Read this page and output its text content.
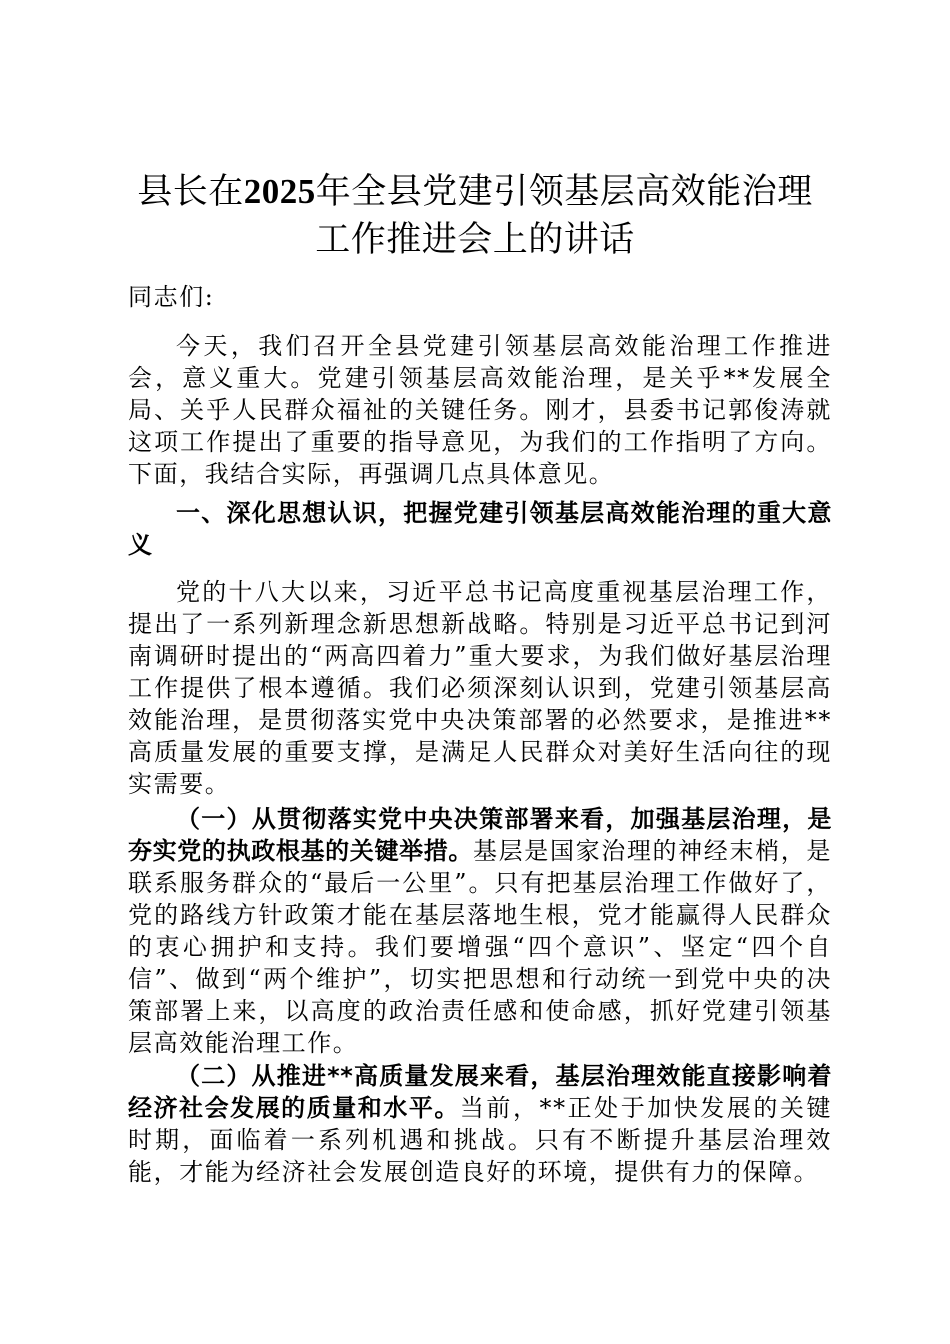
县长在2025年全县党建引领基层高效能治理
工作推进会上的讲话
同志们:
今天，我们召开全县党建引领基层高效能治理工作推进会，意义重大。党建引领基层高效能治理，是关乎**发展全局、关乎人民群众福祉的关键任务。刚才，县委书记郭俊涛就这项工作提出了重要的指导意见，为我们的工作指明了方向。下面，我结合实际，再强调几点具体意见。
一、深化思想认识，把握党建引领基层高效能治理的重大意义
党的十八大以来，习近平总书记高度重视基层治理工作，提出了一系列新理念新思想新战略。特别是习近平总书记到河南调研时提出的“两高四着力”重大要求，为我们做好基层治理工作提供了根本遵循。我们必须深刻认识到，党建引领基层高效能治理，是贯彻落实党中央决策部署的必然要求，是推进**高质量发展的重要支撑，是满足人民群众对美好生活向往的现实需要。
（一）从贯彻落实党中央决策部署来看，加强基层治理，是夯实党的执政根基的关键举措。基层是国家治理的神经末梢，是联系服务群众的“最后一公里”。只有把基层治理工作做好了，党的路线方针政策才能在基层落地生根，党才能赢得人民群众的衷心拥护和支持。我们要增强“四个意识”、坚定“四个自信”、做到“两个维护”，切实把思想和行动统一到党中央的决策部署上来，以高度的政治责任感和使命感，抓好党建引领基层高效能治理工作。
（二）从推进**高质量发展来看，基层治理效能直接影响着经济社会发展的质量和水平。当前，**正处于加快发展的关键时期，面临着一系列机遇和挑战。只有不断提升基层治理效能，才能为经济社会发展创造良好的环境，提供有力的保障。
